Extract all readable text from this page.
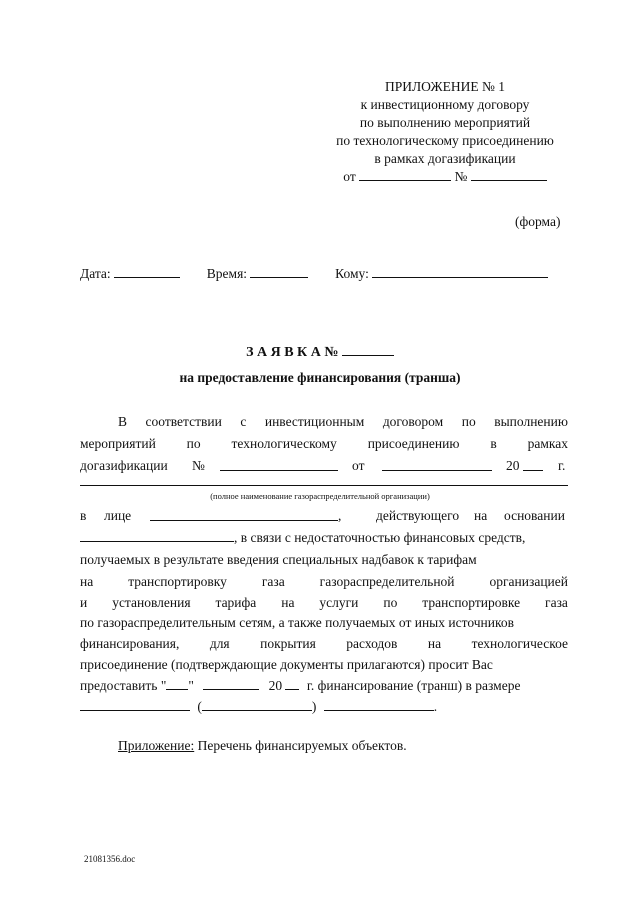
ПРИЛОЖЕНИЕ № 1
к инвестиционному договору
по выполнению мероприятий
по технологическому присоединению
в рамках догазификации
от	№
(форма)
Дата:	Время:	Кому:
З А Я В К А №
на предоставление финансирования (транша)
В соответствии с инвестиционным договором по выполнению
мероприятий по технологическому присоединению в рамках
догазификации №	от	20	г.
(полное наименование газораспределительной организации)
в лице	,	действующего на основании
, в связи с недостаточностью финансовых средств,
получаемых в результате введения специальных надбавок к тарифам
на	транспортировку	газа	газораспределительной	организацией
и установления тарифа на услуги по транспортировке газа
по газораспределительным сетям, а также получаемых от иных источников
финансирования, для покрытия расходов на технологическое
присоединение (подтверждающие документы прилагаются) просит Вас
предоставить " "	20 г. финансирование (транш) в размере
(	)	.
Приложение: Перечень финансируемых объектов.
21081356.doc
